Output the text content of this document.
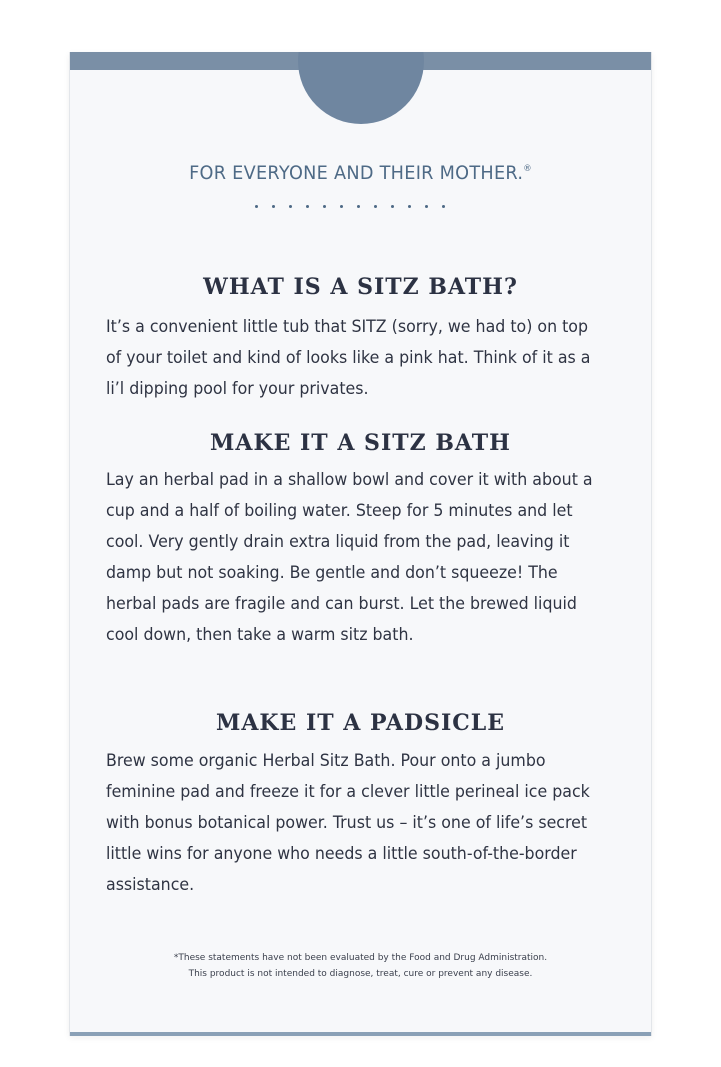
FOR EVERYONE AND THEIR MOTHER.®

WHAT IS A SITZ BATH?

It’s a convenient little tub that SITZ (sorry, we had to) on top of your toilet and kind of looks like a pink hat. Think of it as a li’l dipping pool for your privates.

MAKE IT A SITZ BATH

Lay an herbal pad in a shallow bowl and cover it with about a cup and a half of boiling water. Steep for 5 minutes and let cool. Very gently drain extra liquid from the pad, leaving it damp but not soaking. Be gentle and don’t squeeze! The herbal pads are fragile and can burst. Let the brewed liquid cool down, then take a warm sitz bath.

MAKE IT A PADSICLE

Brew some organic Herbal Sitz Bath. Pour onto a jumbo feminine pad and freeze it for a clever little perineal ice pack with bonus botanical power. Trust us – it’s one of life’s secret little wins for anyone who needs a little south-of-the-border assistance.

*These statements have not been evaluated by the Food and Drug Administration.
This product is not intended to diagnose, treat, cure or prevent any disease.
